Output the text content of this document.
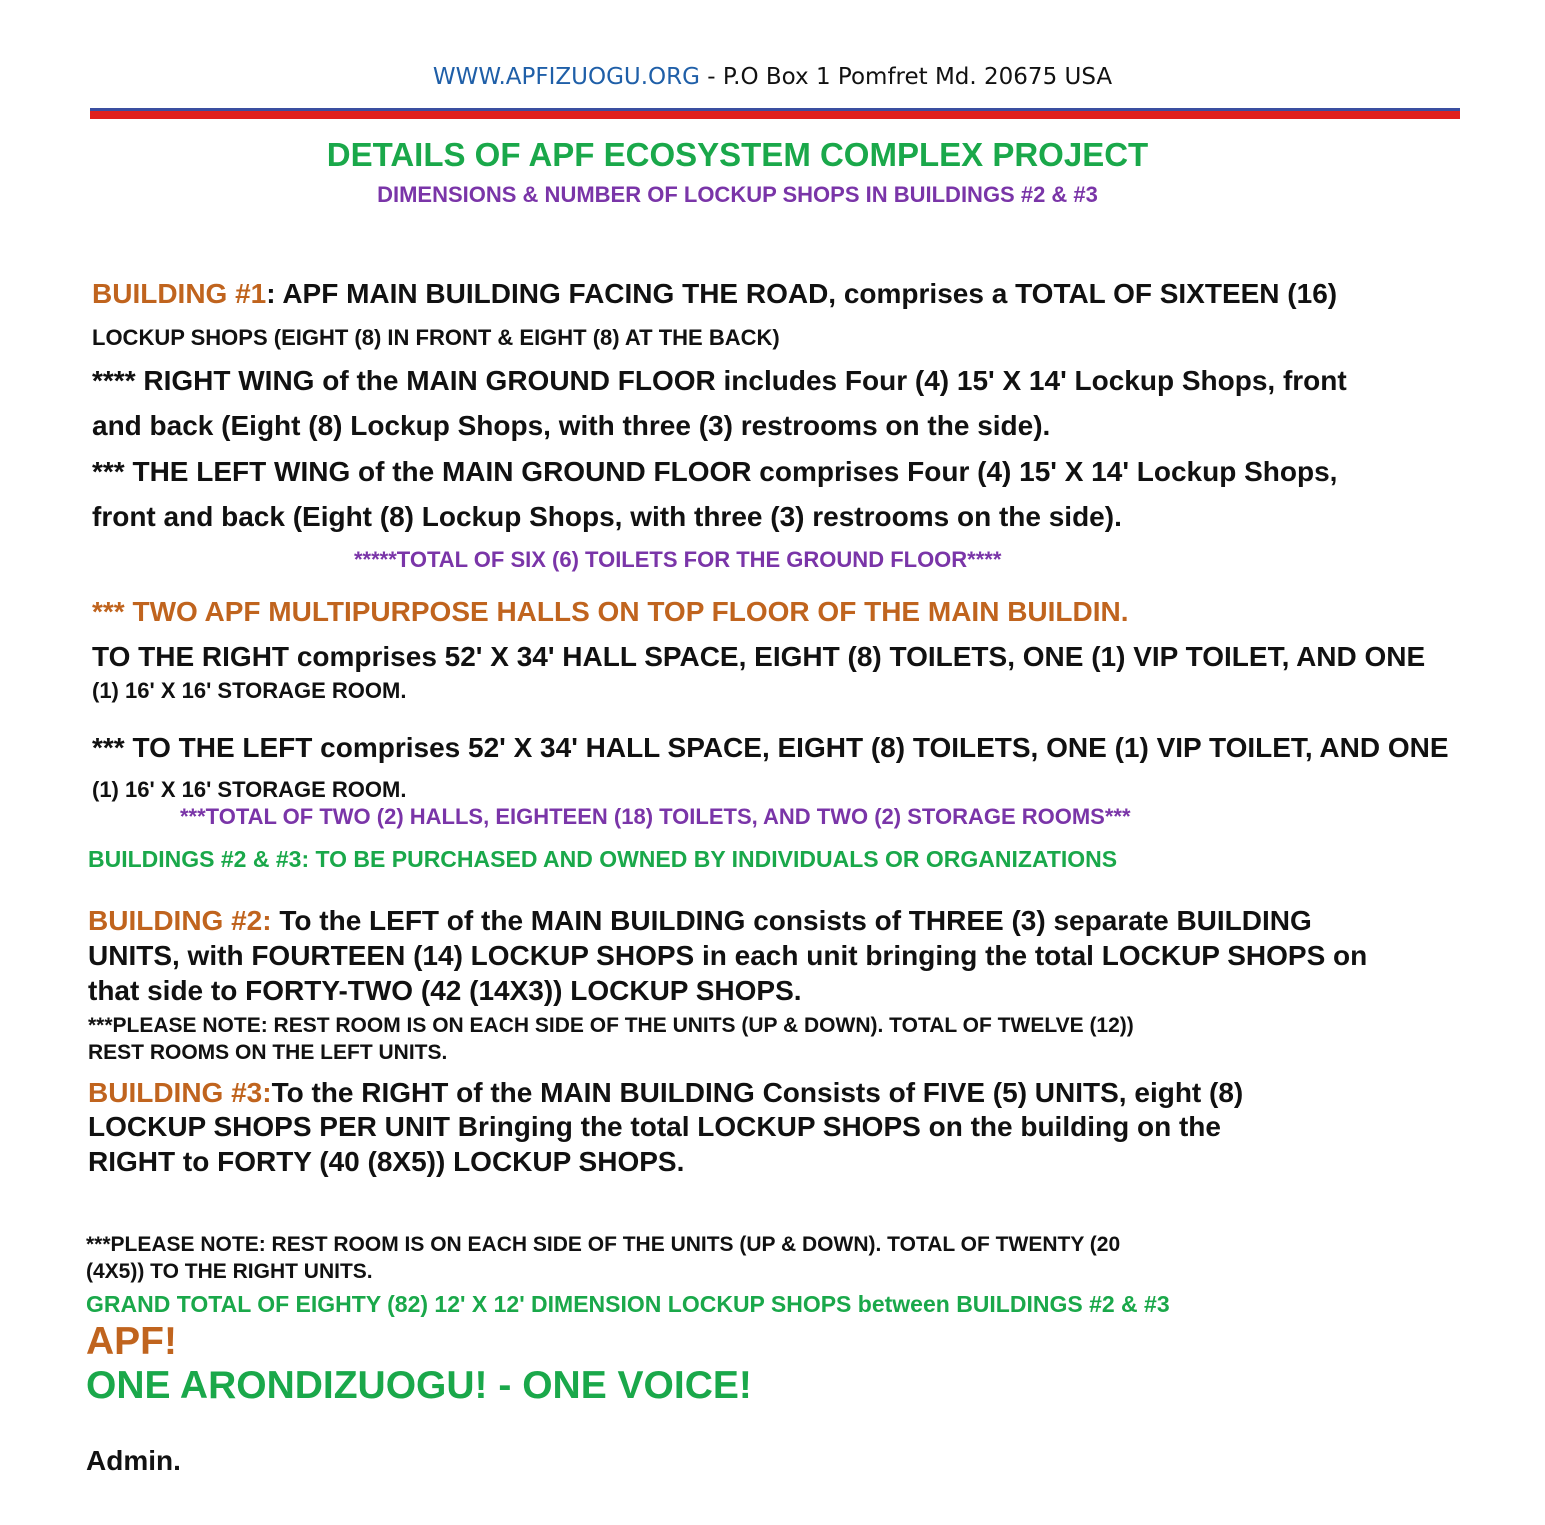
WWW.APFIZUOGU.ORG - P.O Box 1 Pomfret Md. 20675 USA
DETAILS OF APF ECOSYSTEM COMPLEX PROJECT
DIMENSIONS & NUMBER OF LOCKUP SHOPS IN BUILDINGS #2 & #3
BUILDING #1: APF MAIN BUILDING FACING THE ROAD, comprises a TOTAL OF SIXTEEN (16)
LOCKUP SHOPS (EIGHT (8) IN FRONT & EIGHT (8) AT THE BACK)
**** RIGHT WING of the MAIN GROUND FLOOR includes Four (4) 15' X 14' Lockup Shops, front
and back (Eight (8) Lockup Shops, with three (3) restrooms on the side).
*** THE LEFT WING of the MAIN GROUND FLOOR comprises Four (4) 15' X 14' Lockup Shops,
front and back (Eight (8) Lockup Shops, with three (3) restrooms on the side).
*****TOTAL OF SIX (6) TOILETS FOR THE GROUND FLOOR****
*** TWO APF MULTIPURPOSE HALLS ON TOP FLOOR OF THE MAIN BUILDIN.
TO THE RIGHT comprises 52' X 34' HALL SPACE, EIGHT (8) TOILETS, ONE (1) VIP TOILET, AND ONE
(1) 16' X 16' STORAGE ROOM.
*** TO THE LEFT comprises 52' X 34' HALL SPACE, EIGHT (8) TOILETS, ONE (1) VIP TOILET, AND ONE
(1) 16' X 16' STORAGE ROOM.
***TOTAL OF TWO (2) HALLS, EIGHTEEN (18) TOILETS, AND TWO (2) STORAGE ROOMS***
BUILDINGS #2 & #3: TO BE PURCHASED AND OWNED BY INDIVIDUALS OR ORGANIZATIONS
BUILDING #2: To the LEFT of the MAIN BUILDING consists of THREE (3) separate BUILDING
UNITS, with FOURTEEN (14) LOCKUP SHOPS in each unit bringing the total LOCKUP SHOPS on
that side to FORTY-TWO (42 (14X3)) LOCKUP SHOPS.
***PLEASE NOTE: REST ROOM IS ON EACH SIDE OF THE UNITS (UP & DOWN). TOTAL OF TWELVE (12))
REST ROOMS ON THE LEFT UNITS.
BUILDING #3:To the RIGHT of the MAIN BUILDING Consists of FIVE (5) UNITS, eight (8)
LOCKUP SHOPS PER UNIT Bringing the total LOCKUP SHOPS on the building on the
RIGHT to FORTY (40 (8X5)) LOCKUP SHOPS.
***PLEASE NOTE: REST ROOM IS ON EACH SIDE OF THE UNITS (UP & DOWN). TOTAL OF TWENTY (20
(4X5)) TO THE RIGHT UNITS.
GRAND TOTAL OF EIGHTY (82) 12' X 12' DIMENSION LOCKUP SHOPS between BUILDINGS #2 & #3
APF!
ONE ARONDIZUOGU! - ONE VOICE!
Admin.
